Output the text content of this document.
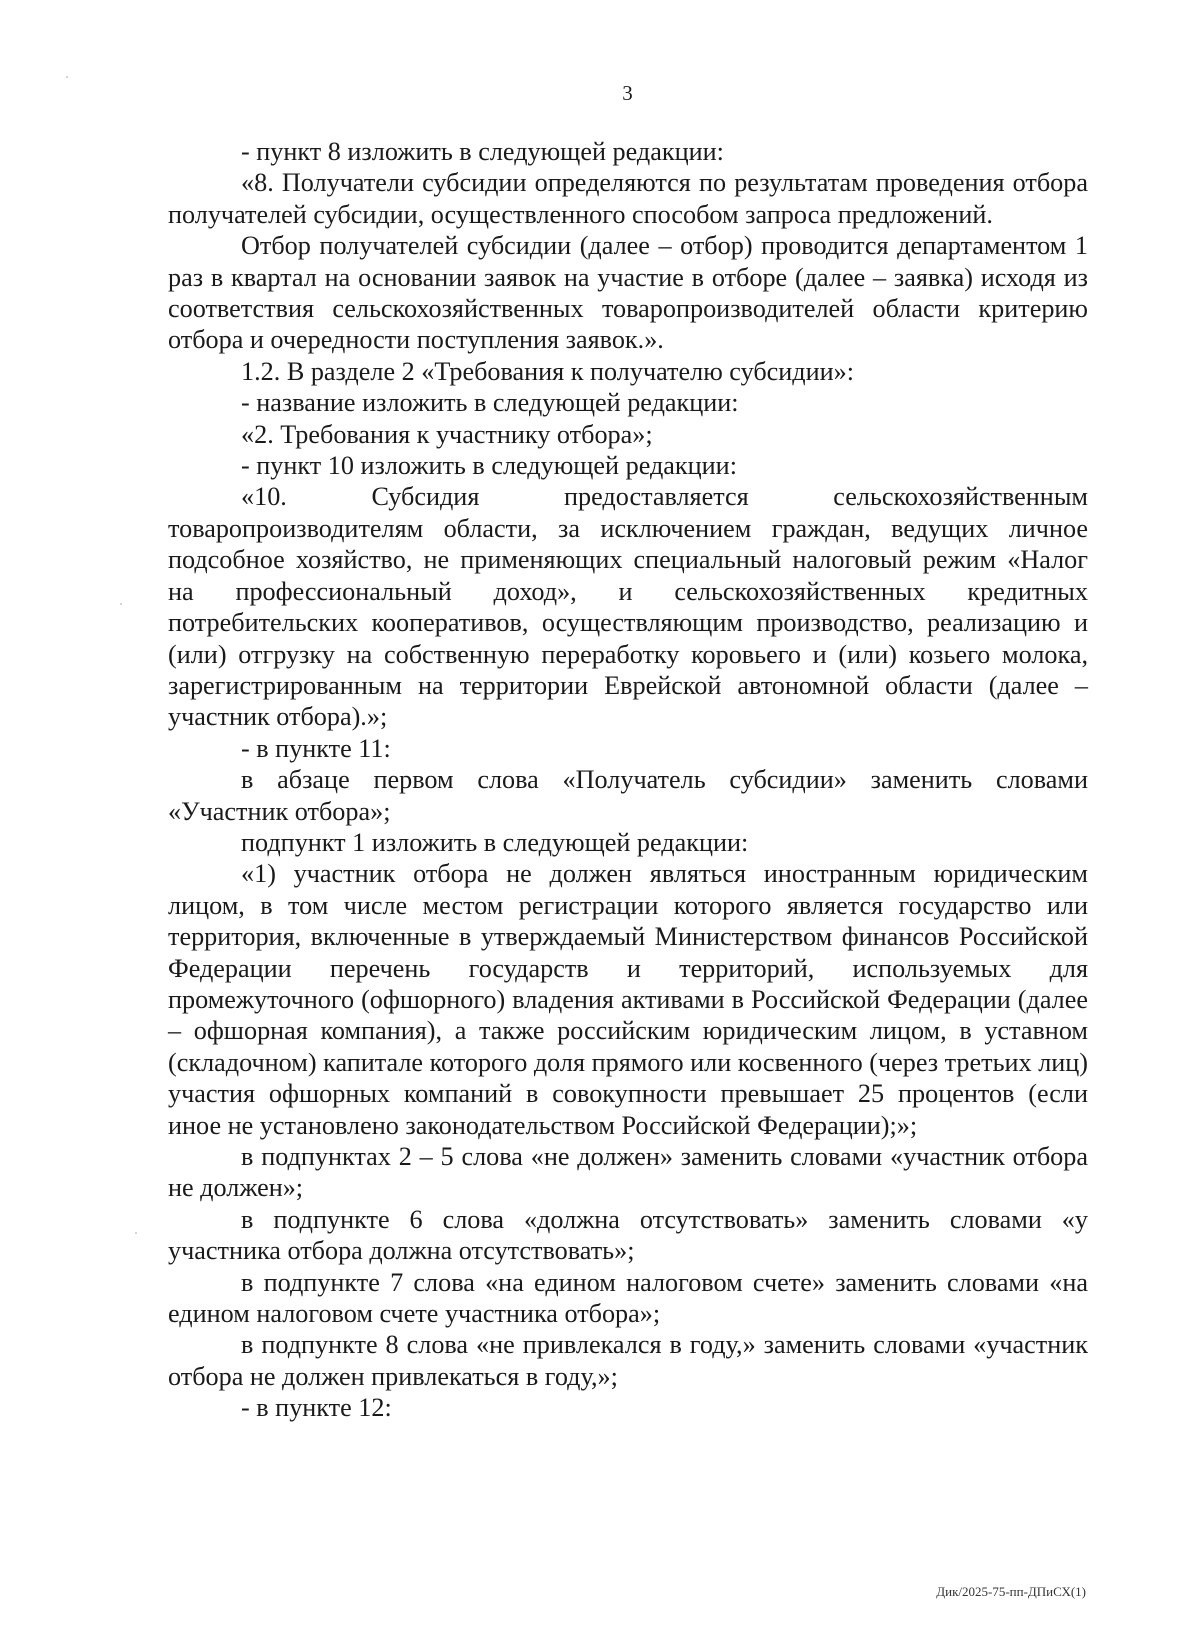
3

- пункт 8 изложить в следующей редакции:

«8. Получатели субсидии определяются по результатам проведения отбора получателей субсидии, осуществленного способом запроса предложений.

Отбор получателей субсидии (далее – отбор) проводится департаментом 1 раз в квартал на основании заявок на участие в отборе (далее – заявка) исходя из соответствия сельскохозяйственных товаропроизводителей области критерию отбора и очередности поступления заявок.».

1.2. В разделе 2 «Требования к получателю субсидии»:

- название изложить в следующей редакции:

«2. Требования к участнику отбора»;

- пункт 10 изложить в следующей редакции:

«10. Субсидия предоставляется сельскохозяйственным товаропроизводителям области, за исключением граждан, ведущих личное подсобное хозяйство, не применяющих специальный налоговый режим «Налог на профессиональный доход», и сельскохозяйственных кредитных потребительских кооперативов, осуществляющим производство, реализацию и (или) отгрузку на собственную переработку коровьего и (или) козьего молока, зарегистрированным на территории Еврейской автономной области (далее – участник отбора).»;

- в пункте 11:

в абзаце первом слова «Получатель субсидии» заменить словами «Участник отбора»;

подпункт 1 изложить в следующей редакции:

«1) участник отбора не должен являться иностранным юридическим лицом, в том числе местом регистрации которого является государство или территория, включенные в утверждаемый Министерством финансов Российской Федерации перечень государств и территорий, используемых для промежуточного (офшорного) владения активами в Российской Федерации (далее – офшорная компания), а также российским юридическим лицом, в уставном (складочном) капитале которого доля прямого или косвенного (через третьих лиц) участия офшорных компаний в совокупности превышает 25 процентов (если иное не установлено законодательством Российской Федерации);»;

в подпунктах 2 – 5 слова «не должен» заменить словами «участник отбора не должен»;

в подпункте 6 слова «должна отсутствовать» заменить словами «у участника отбора должна отсутствовать»;

в подпункте 7 слова «на едином налоговом счете» заменить словами «на едином налоговом счете участника отбора»;

в подпункте 8 слова «не привлекался в году,» заменить словами «участник отбора не должен привлекаться в году,»;

- в пункте 12:

Дик/2025-75-пп-ДПиСХ(1)
